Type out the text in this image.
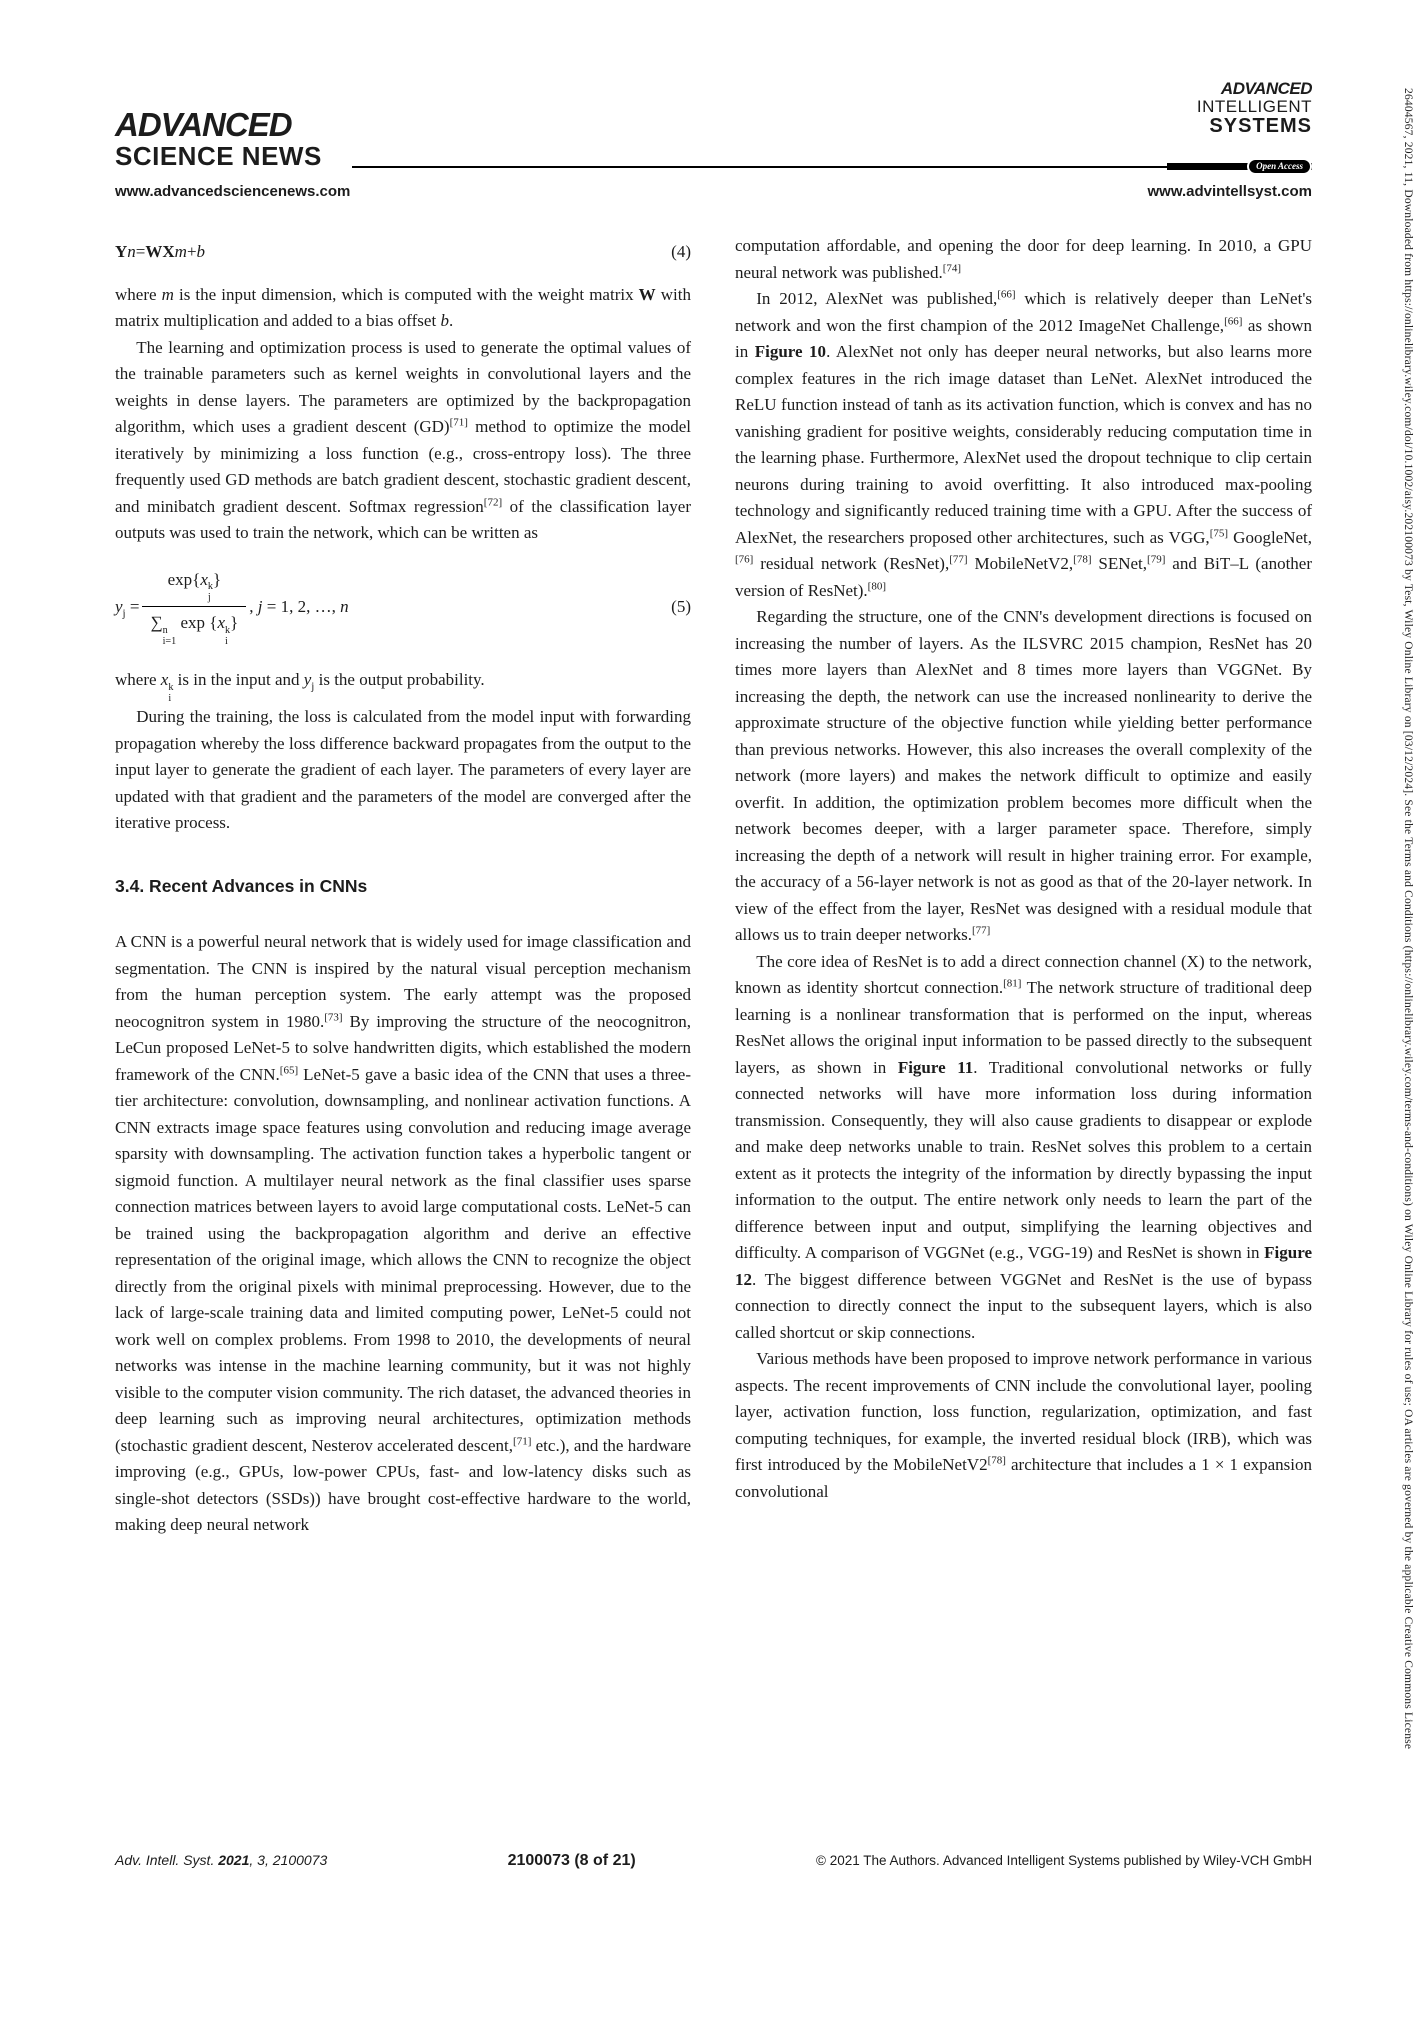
ADVANCED
SCIENCE NEWS
www.advancedsciencenews.com
ADVANCED
INTELLIGENT
SYSTEMS
Open Access
www.advintellsyst.com
Y n = WX m + b	(4)

where m is the input dimension, which is computed with the weight matrix W with matrix multiplication and added to a bias offset b.

The learning and optimization process is used to generate the optimal values of the trainable parameters such as kernel weights in convolutional layers and the weights in dense layers. The parameters are optimized by the backpropagation algorithm, which uses a gradient descent (GD)[71] method to optimize the model iteratively by minimizing a loss function (e.g., cross-entropy loss). The three frequently used GD methods are batch gradient descent, stochastic gradient descent, and minibatch gradient descent. Softmax regression[72] of the classification layer outputs was used to train the network, which can be written as

$y_j = \exp\{x$ k
j
}
∑ n
i=1
exp {x k
i
} , j = 1, 2, …, n	(5)

where x k
i
is in the input and $y_j$ is the output probability.

During the training, the loss is calculated from the model input with forwarding propagation whereby the loss difference backward propagates from the output to the input layer to generate the gradient of each layer. The parameters of every layer are updated with that gradient and the parameters of the model are converged after the iterative process.

3.4. Recent Advances in CNNs

A CNN is a powerful neural network that is widely used for image classification and segmentation. The CNN is inspired by the natural visual perception mechanism from the human perception system. The early attempt was the proposed neocognitron system in 1980.[73] By improving the structure of the neocognitron, LeCun proposed LeNet-5 to solve handwritten digits, which established the modern framework of the CNN.[65] LeNet-5 gave a basic idea of the CNN that uses a three-tier architecture: convolution, downsampling, and nonlinear activation functions. A CNN extracts image space features using convolution and reducing image average sparsity with downsampling. The activation function takes a hyperbolic tangent or sigmoid function. A multilayer neural network as the final classifier uses sparse connection matrices between layers to avoid large computational costs. LeNet-5 can be trained using the backpropagation algorithm and derive an effective representation of the original image, which allows the CNN to recognize the object directly from the original pixels with minimal preprocessing. However, due to the lack of large-scale training data and limited computing power, LeNet-5 could not work well on complex problems. From 1998 to 2010, the developments of neural networks was intense in the machine learning community, but it was not highly visible to the computer vision community. The rich dataset, the advanced theories in deep learning such as improving neural architectures, optimization methods (stochastic gradient descent, Nesterov accelerated descent,[71] etc.), and the hardware improving (e.g., GPUs, low-power CPUs, fast- and low-latency disks such as single-shot detectors (SSDs)) have brought cost-effective hardware to the world, making deep neural network

computation affordable, and opening the door for deep learning. In 2010, a GPU neural network was published.[74]

In 2012, AlexNet was published,[66] which is relatively deeper than LeNet's network and won the first champion of the 2012 ImageNet Challenge,[66] as shown in Figure 10. AlexNet not only has deeper neural networks, but also learns more complex features in the rich image dataset than LeNet. AlexNet introduced the ReLU function instead of tanh as its activation function, which is convex and has no vanishing gradient for positive weights, considerably reducing computation time in the learning phase. Furthermore, AlexNet used the dropout technique to clip certain neurons during training to avoid overfitting. It also introduced max-pooling technology and significantly reduced training time with a GPU. After the success of AlexNet, the researchers proposed other architectures, such as VGG,[75] GoogleNet,[76] residual network (ResNet),[77] MobileNetV2,[78] SENet,[79] and BiT–L (another version of ResNet).[80]

Regarding the structure, one of the CNN's development directions is focused on increasing the number of layers. As the ILSVRC 2015 champion, ResNet has 20 times more layers than AlexNet and 8 times more layers than VGGNet. By increasing the depth, the network can use the increased nonlinearity to derive the approximate structure of the objective function while yielding better performance than previous networks. However, this also increases the overall complexity of the network (more layers) and makes the network difficult to optimize and easily overfit. In addition, the optimization problem becomes more difficult when the network becomes deeper, with a larger parameter space. Therefore, simply increasing the depth of a network will result in higher training error. For example, the accuracy of a 56-layer network is not as good as that of the 20-layer network. In view of the effect from the layer, ResNet was designed with a residual module that allows us to train deeper networks.[77]

The core idea of ResNet is to add a direct connection channel (X) to the network, known as identity shortcut connection.[81] The network structure of traditional deep learning is a nonlinear transformation that is performed on the input, whereas ResNet allows the original input information to be passed directly to the subsequent layers, as shown in Figure 11. Traditional convolutional networks or fully connected networks will have more information loss during information transmission. Consequently, they will also cause gradients to disappear or explode and make deep networks unable to train. ResNet solves this problem to a certain extent as it protects the integrity of the information by directly bypassing the input information to the output. The entire network only needs to learn the part of the difference between input and output, simplifying the learning objectives and difficulty. A comparison of VGGNet (e.g., VGG-19) and ResNet is shown in Figure 12. The biggest difference between VGGNet and ResNet is the use of bypass connection to directly connect the input to the subsequent layers, which is also called shortcut or skip connections.

Various methods have been proposed to improve network performance in various aspects. The recent improvements of CNN include the convolutional layer, pooling layer, activation function, loss function, regularization, optimization, and fast computing techniques, for example, the inverted residual block (IRB), which was first introduced by the MobileNetV2[78] architecture that includes a 1 × 1 expansion convolutional

Adv. Intell. Syst. 2021, 3, 2100073	2100073 (8 of 21)	© 2021 The Authors. Advanced Intelligent Systems published by Wiley-VCH GmbH
26404567, 2021, 11, Downloaded from https://onlinelibrary.wiley.com/doi/10.1002/aisy.202100073 by Test, Wiley Online Library on [03/12/2024]. See the Terms and Conditions (https://onlinelibrary.wiley.com/terms-and-conditions) on Wiley Online Library for rules of use; OA articles are governed by the applicable Creative Commons License
